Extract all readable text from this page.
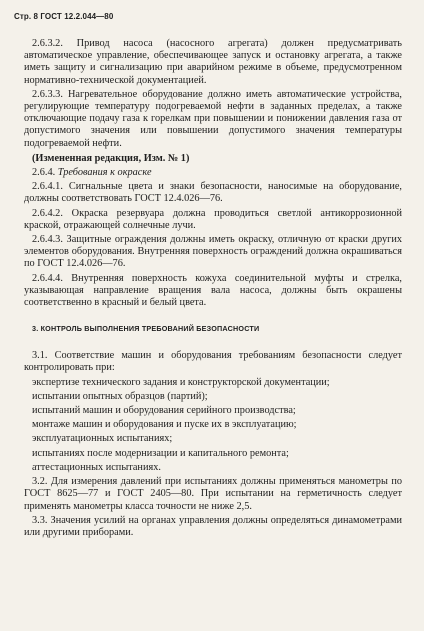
Стр. 8 ГОСТ 12.2.044—80

2.6.3.2. Привод насоса (насосного агрегата) должен предусматривать автоматическое управление, обеспечивающее запуск и остановку агрегата, а также иметь защиту и сигнализацию при аварийном режиме в объеме, предусмотренном нормативно-технической документацией.

2.6.3.3. Нагревательное оборудование должно иметь автоматические устройства, регулирующие температуру подогреваемой нефти в заданных пределах, а также отключающие подачу газа к горелкам при повышении и понижении давления газа от допустимого значения или повышении допустимого значения температуры подогреваемой нефти.

(Измененная редакция, Изм. № 1)

2.6.4. Требования к окраске

2.6.4.1. Сигнальные цвета и знаки безопасности, наносимые на оборудование, должны соответствовать ГОСТ 12.4.026—76.

2.6.4.2. Окраска резервуара должна проводиться светлой антикоррозионной краской, отражающей солнечные лучи.

2.6.4.3. Защитные ограждения должны иметь окраску, отличную от краски других элементов оборудования. Внутренняя поверхность ограждений должна окрашиваться по ГОСТ 12.4.026—76.

2.6.4.4. Внутренняя поверхность кожуха соединительной муфты и стрелка, указывающая направление вращения вала насоса, должны быть окрашены соответственно в красный и белый цвета.

3. КОНТРОЛЬ ВЫПОЛНЕНИЯ ТРЕБОВАНИЙ БЕЗОПАСНОСТИ

3.1. Соответствие машин и оборудования требованиям безопасности следует контролировать при:

экспертизе технического задания и конструкторской документации;

испытании опытных образцов (партий);

испытаний машин и оборудования серийного производства;

монтаже машин и оборудования и пуске их в эксплуатацию;

эксплуатационных испытаниях;

испытаниях после модернизации и капитального ремонта;

аттестационных испытаниях.

3.2. Для измерения давлений при испытаниях должны применяться манометры по ГОСТ 8625—77 и ГОСТ 2405—80. При испытании на герметичность следует применять манометры класса точности не ниже 2,5.

3.3. Значения усилий на органах управления должны определяться динамометрами или другими приборами.
